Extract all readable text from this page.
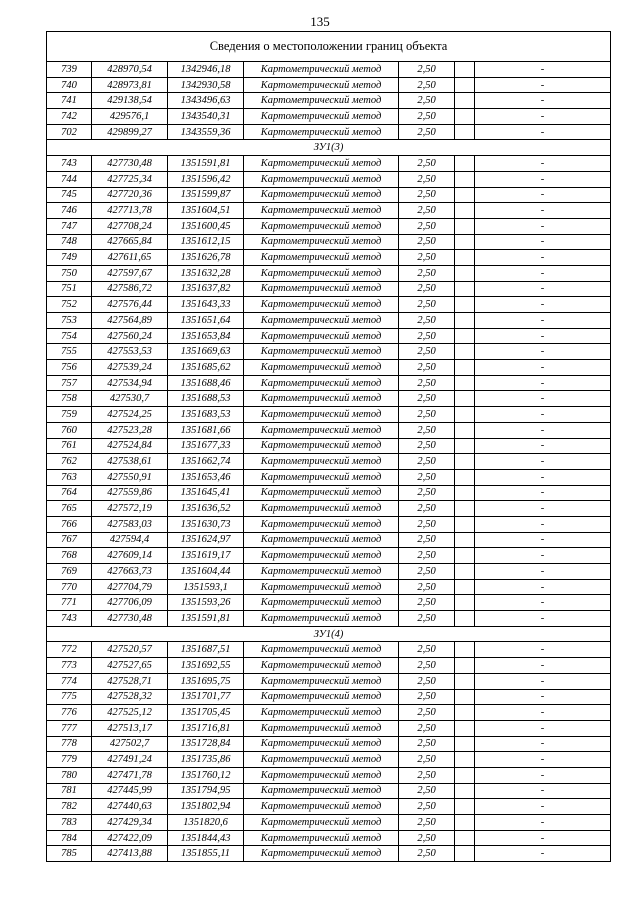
135
Сведения о местоположении границ объекта						
739	428970,54	1342946,18	Картометрический метод	2,50		-
740	428973,81	1342930,58	Картометрический метод	2,50		-
741	429138,54	1343496,63	Картометрический метод	2,50		-
742	429576,1	1343540,31	Картометрический метод	2,50		-
702	429899,27	1343559,36	Картометрический метод	2,50		-
ЗУ1(3)						
743	427730,48	1351591,81	Картометрический метод	2,50		-
744	427725,34	1351596,42	Картометрический метод	2,50		-
745	427720,36	1351599,87	Картометрический метод	2,50		-
746	427713,78	1351604,51	Картометрический метод	2,50		-
747	427708,24	1351600,45	Картометрический метод	2,50		-
748	427665,84	1351612,15	Картометрический метод	2,50		-
749	427611,65	1351626,78	Картометрический метод	2,50		-
750	427597,67	1351632,28	Картометрический метод	2,50		-
751	427586,72	1351637,82	Картометрический метод	2,50		-
752	427576,44	1351643,33	Картометрический метод	2,50		-
753	427564,89	1351651,64	Картометрический метод	2,50		-
754	427560,24	1351653,84	Картометрический метод	2,50		-
755	427553,53	1351669,63	Картометрический метод	2,50		-
756	427539,24	1351685,62	Картометрический метод	2,50		-
757	427534,94	1351688,46	Картометрический метод	2,50		-
758	427530,7	1351688,53	Картометрический метод	2,50		-
759	427524,25	1351683,53	Картометрический метод	2,50		-
760	427523,28	1351681,66	Картометрический метод	2,50		-
761	427524,84	1351677,33	Картометрический метод	2,50		-
762	427538,61	1351662,74	Картометрический метод	2,50		-
763	427550,91	1351653,46	Картометрический метод	2,50		-
764	427559,86	1351645,41	Картометрический метод	2,50		-
765	427572,19	1351636,52	Картометрический метод	2,50		-
766	427583,03	1351630,73	Картометрический метод	2,50		-
767	427594,4	1351624,97	Картометрический метод	2,50		-
768	427609,14	1351619,17	Картометрический метод	2,50		-
769	427663,73	1351604,44	Картометрический метод	2,50		-
770	427704,79	1351593,1	Картометрический метод	2,50		-
771	427706,09	1351593,26	Картометрический метод	2,50		-
743	427730,48	1351591,81	Картометрический метод	2,50		-
ЗУ1(4)						
772	427520,57	1351687,51	Картометрический метод	2,50		-
773	427527,65	1351692,55	Картометрический метод	2,50		-
774	427528,71	1351695,75	Картометрический метод	2,50		-
775	427528,32	1351701,77	Картометрический метод	2,50		-
776	427525,12	1351705,45	Картометрический метод	2,50		-
777	427513,17	1351716,81	Картометрический метод	2,50		-
778	427502,7	1351728,84	Картометрический метод	2,50		-
779	427491,24	1351735,86	Картометрический метод	2,50		-
780	427471,78	1351760,12	Картометрический метод	2,50		-
781	427445,99	1351794,95	Картометрический метод	2,50		-
782	427440,63	1351802,94	Картометрический метод	2,50		-
783	427429,34	1351820,6	Картометрический метод	2,50		-
784	427422,09	1351844,43	Картометрический метод	2,50		-
785	427413,88	1351855,11	Картометрический метод	2,50		-
